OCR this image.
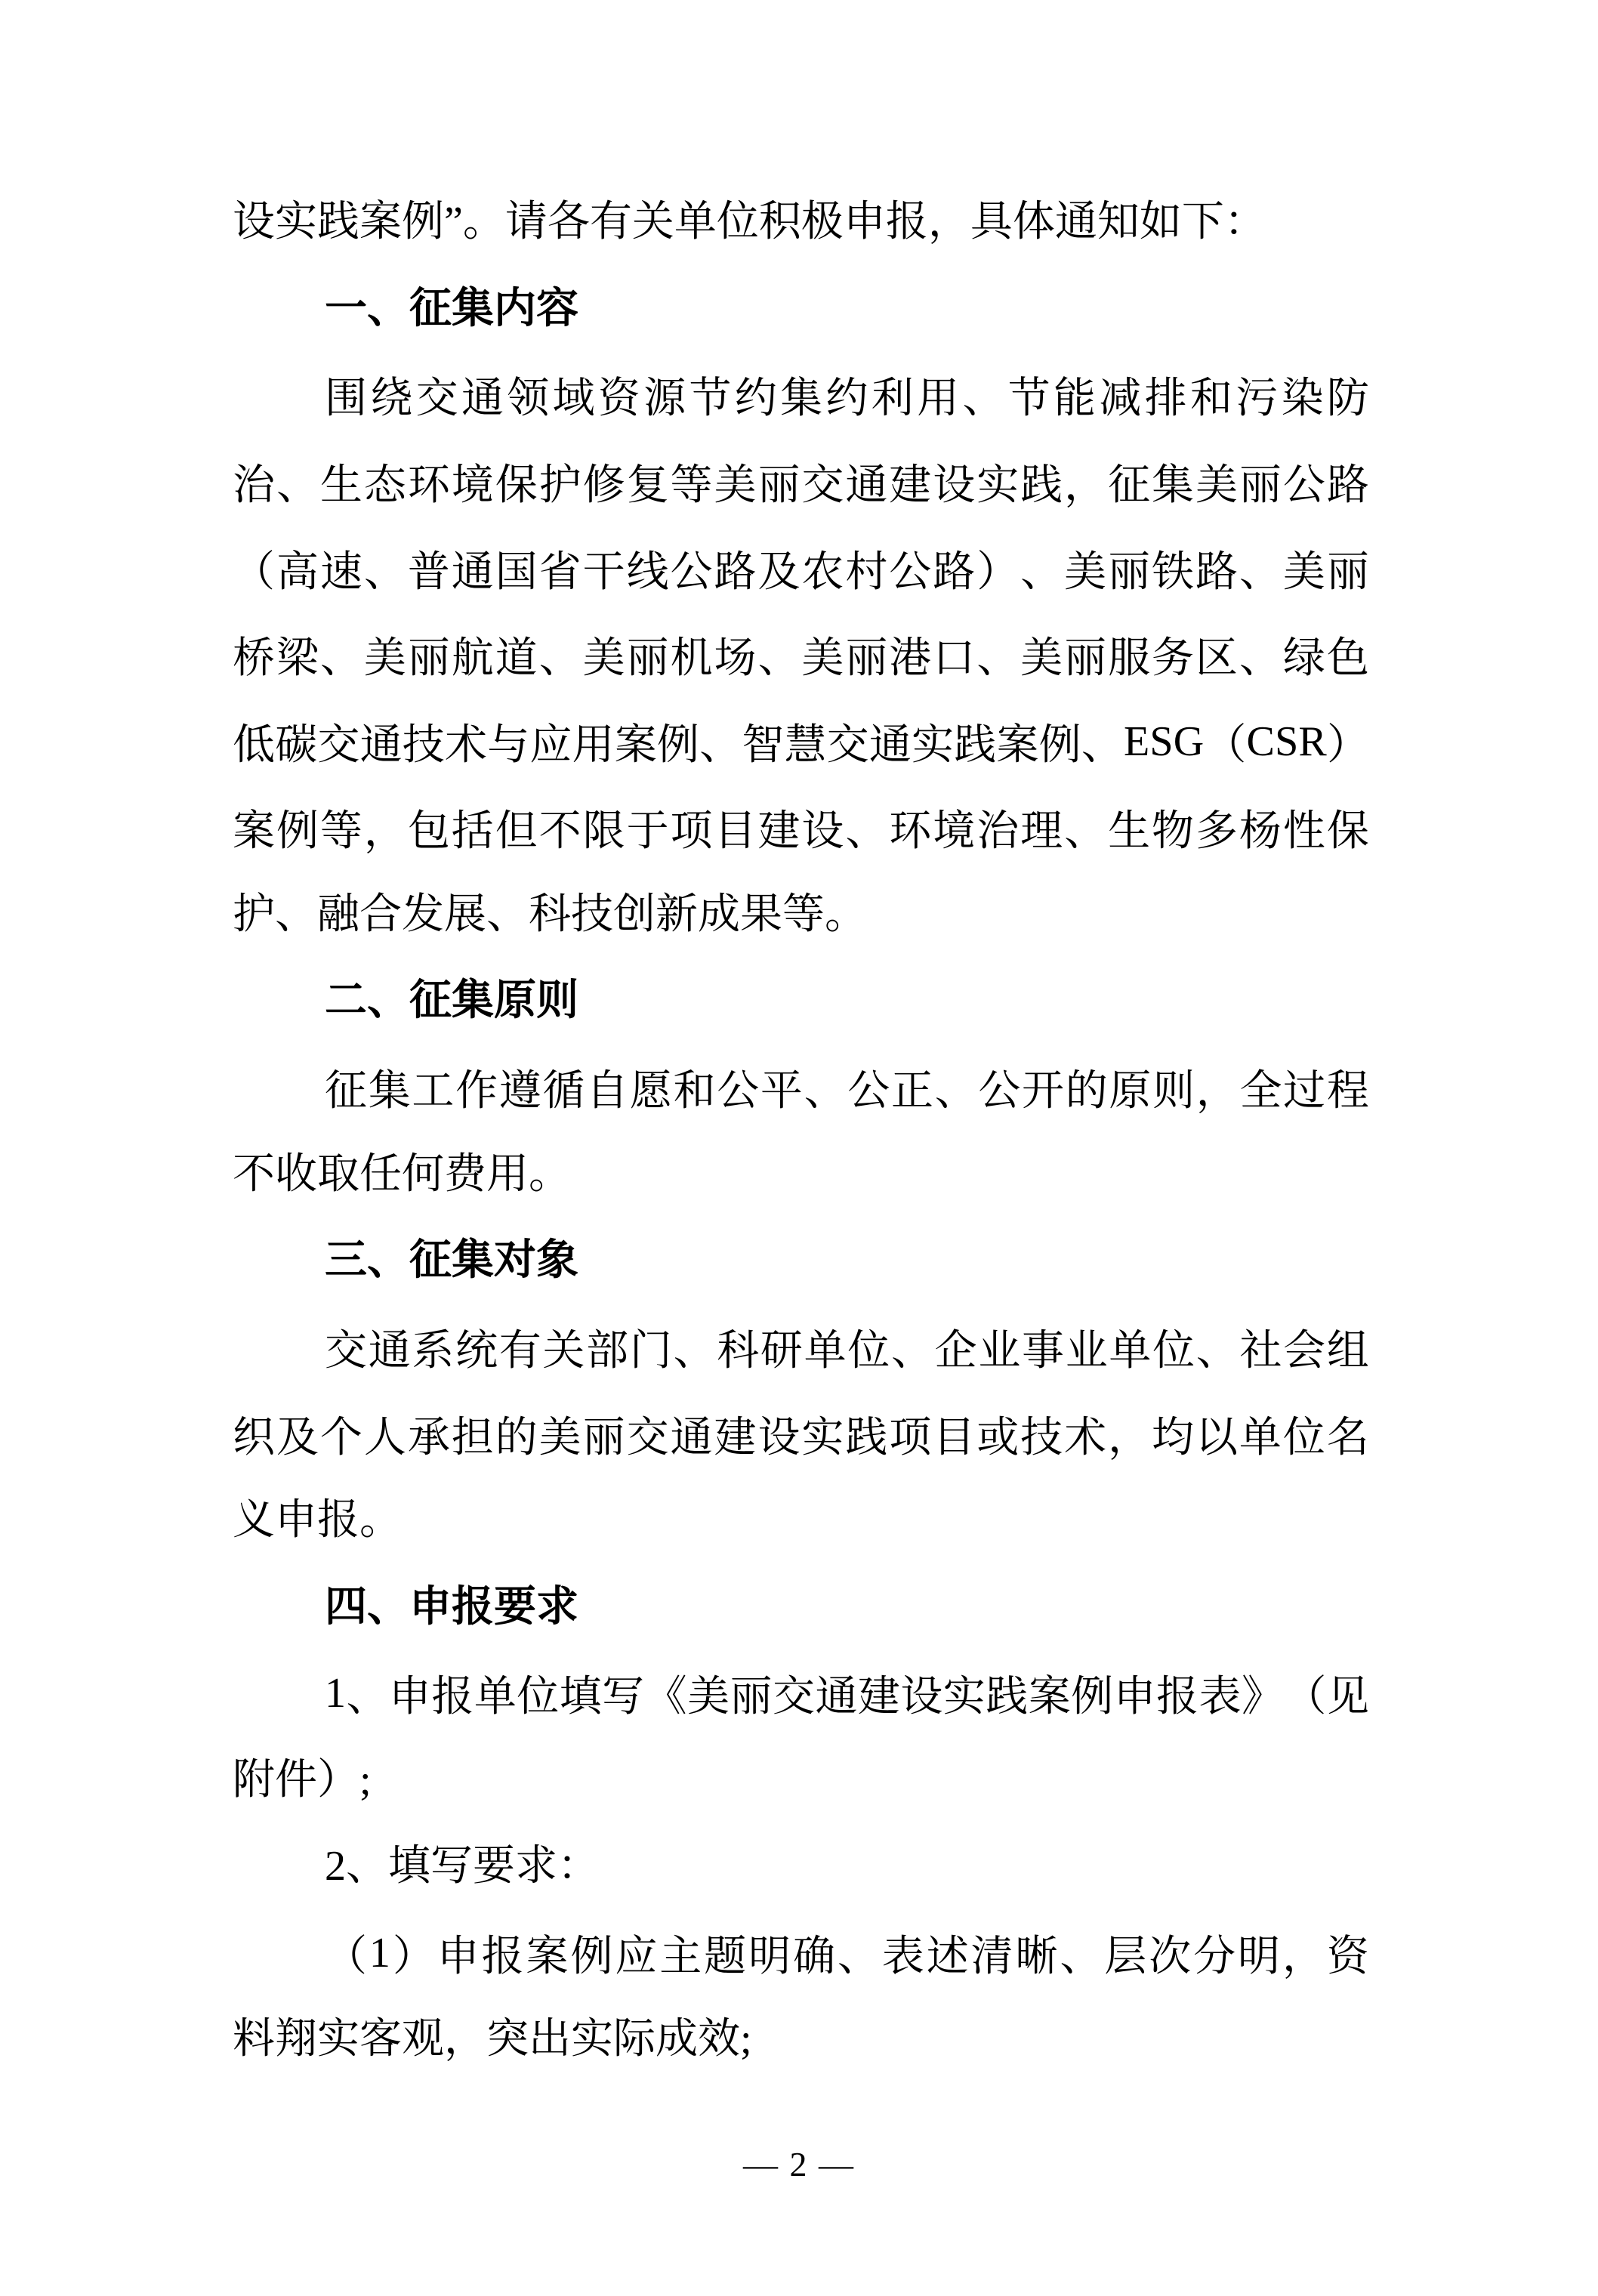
设实践案例”。请各有关单位积极申报，具体通知如下：
一、征集内容
围 绕 交 通 领 域 资 源 节 约 集 约 利 用 、 节 能 减 排 和 污 染 防
治 、 生 态 环 境 保 护 修 复 等 美 丽 交 通 建 设 实 践 ， 征 集 美 丽 公 路
（ 高 速 、 普 通 国 省 干 线 公 路 及 农 村 公 路 ） 、 美 丽 铁 路 、 美 丽
桥 梁 、 美 丽 航 道 、 美 丽 机 场 、 美 丽 港 口 、 美 丽 服 务 区 、 绿 色
低 碳 交 通 技 术 与 应 用 案 例 、 智 慧 交 通 实 践 案 例 、 E S G （ C S R ）
案 例 等 ， 包 括 但 不 限 于 项 目 建 设 、 环 境 治 理 、 生 物 多 杨 性 保
护、融合发展、科技创新成果等。
二、征集原则
征 集 工 作 遵 循 自 愿 和 公 平 、 公 正 、 公 开 的 原 则 ， 全 过 程
不收取任何费用。
三、征集对象
交 通 系 统 有 关 部 门 、 科 研 单 位 、 企 业 事 业 单 位 、 社 会 组
织 及 个 人 承 担 的 美 丽 交 通 建 设 实 践 项 目 或 技 术 ， 均 以 单 位 名
义申报。
四、申报要求
1 、 申 报 单 位 填 写 《 美 丽 交 通 建 设 实 践 案 例 申 报 表 》 （ 见
附件）;
2、填写要求：
（ 1 ） 申 报 案 例 应 主 题 明 确 、 表 述 清 晰 、 层 次 分 明 ， 资
料翔实客观，突出实际成效;
— 2 —
